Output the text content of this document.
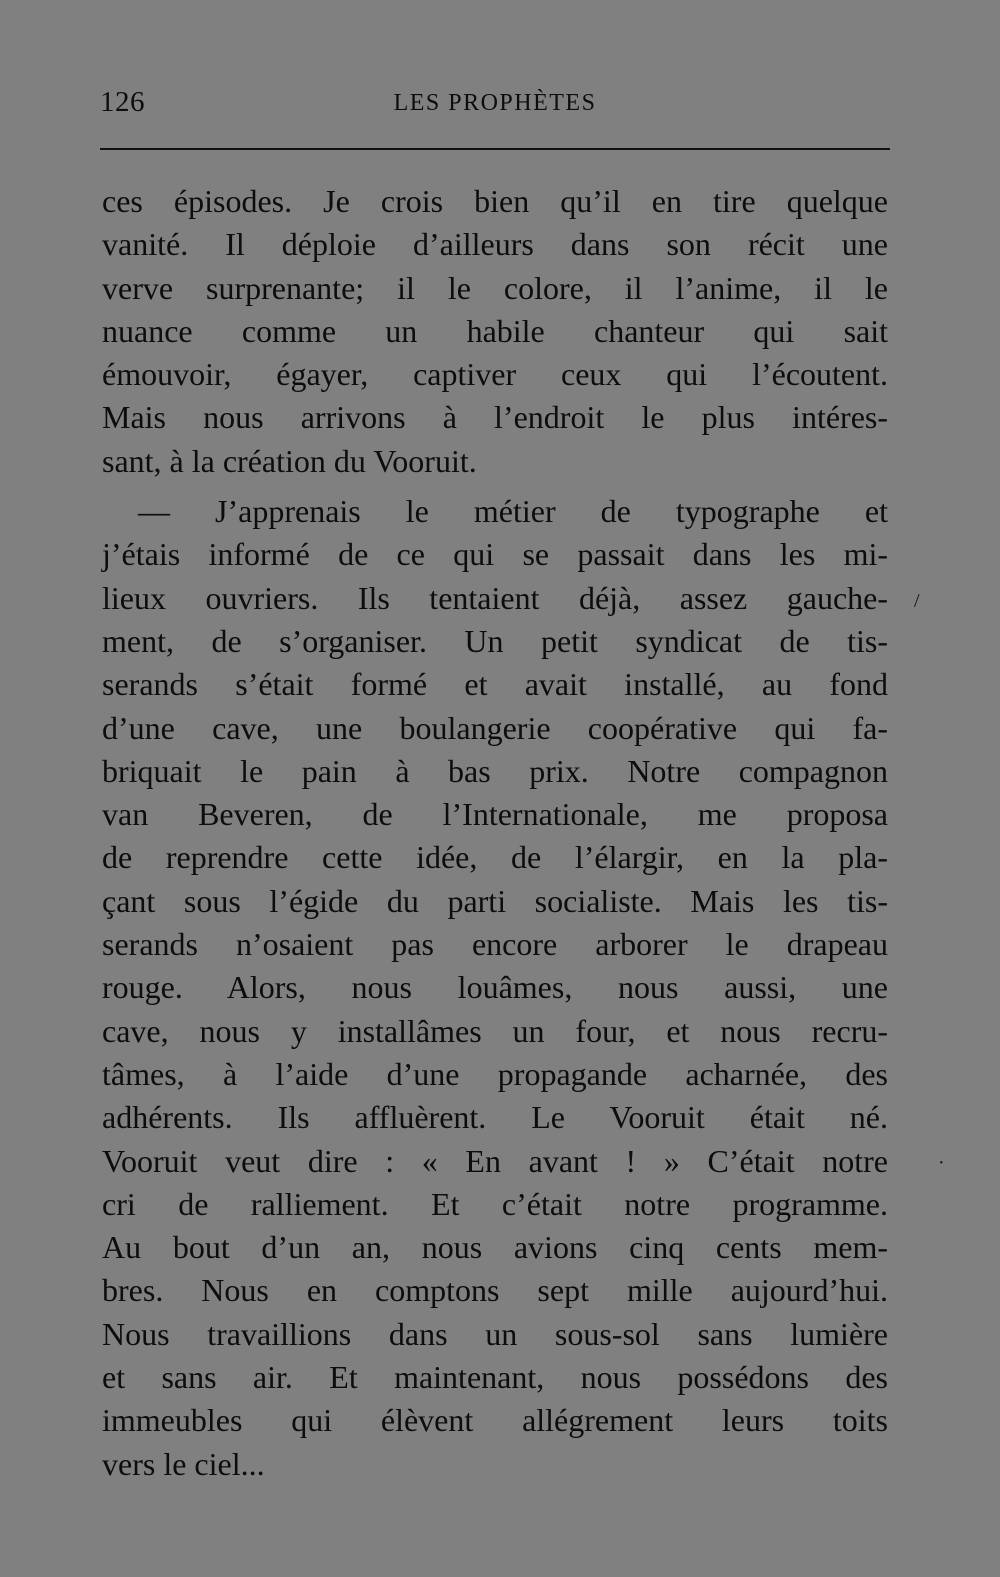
126	LES PROPHÈTES
ces épisodes. Je crois bien qu’il en tire quelque
vanité. Il déploie d’ailleurs dans son récit une
verve surprenante; il le colore, il l’anime, il le
nuance comme un habile chanteur qui sait
émouvoir, égayer, captiver ceux qui l’écoutent.
Mais nous arrivons à l’endroit le plus intéres-
sant, à la création du Vooruit.
— J’apprenais le métier de typographe et
j’étais informé de ce qui se passait dans les mi-
lieux ouvriers. Ils tentaient déjà, assez gauche-
ment, de s’organiser. Un petit syndicat de tis-
serands s’était formé et avait installé, au fond
d’une cave, une boulangerie coopérative qui fa-
briquait le pain à bas prix. Notre compagnon
van Beveren, de l’Internationale, me proposa
de reprendre cette idée, de l’élargir, en la pla-
çant sous l’égide du parti socialiste. Mais les tis-
serands n’osaient pas encore arborer le drapeau
rouge. Alors, nous louâmes, nous aussi, une
cave, nous y installâmes un four, et nous recru-
tâmes, à l’aide d’une propagande acharnée, des
adhérents. Ils affluèrent. Le Vooruit était né.
Vooruit veut dire : « En avant ! » C’était notre
cri de ralliement. Et c’était notre programme.
Au bout d’un an, nous avions cinq cents mem-
bres. Nous en comptons sept mille aujourd’hui.
Nous travaillions dans un sous-sol sans lumière
et sans air. Et maintenant, nous possédons des
immeubles qui élèvent allégrement leurs toits
vers le ciel...
/
·
